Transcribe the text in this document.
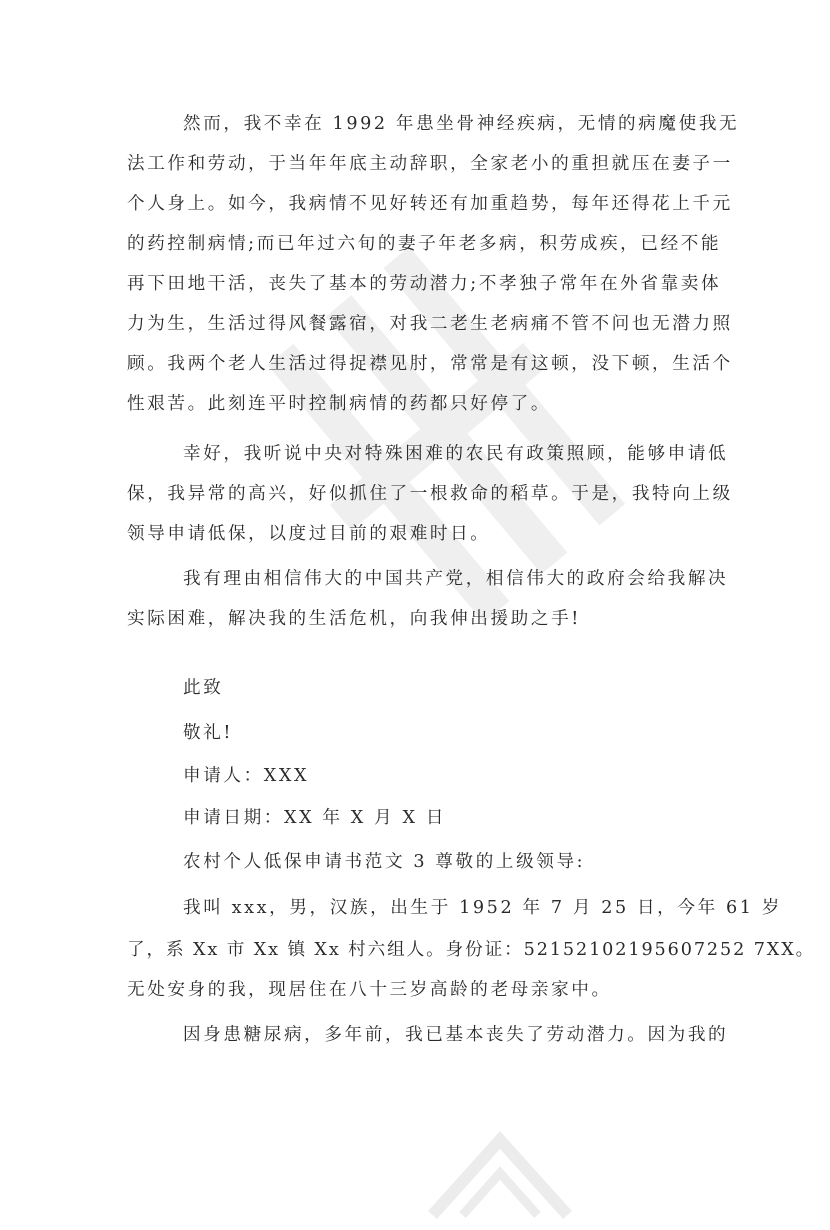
然而，我不幸在 1992 年患坐骨神经疾病，无情的病魔使我无
法工作和劳动，于当年年底主动辞职，全家老小的重担就压在妻子一
个人身上。如今，我病情不见好转还有加重趋势，每年还得花上千元
的药控制病情;而已年过六旬的妻子年老多病，积劳成疾，已经不能
再下田地干活，丧失了基本的劳动潜力;不孝独子常年在外省靠卖体
力为生，生活过得风餐露宿，对我二老生老病痛不管不问也无潜力照
顾。我两个老人生活过得捉襟见肘，常常是有这顿，没下顿，生活个
性艰苦。此刻连平时控制病情的药都只好停了。
幸好，我听说中央对特殊困难的农民有政策照顾，能够申请低
保，我异常的高兴，好似抓住了一根救命的稻草。于是，我特向上级
领导申请低保，以度过目前的艰难时日。
我有理由相信伟大的中国共产党，相信伟大的政府会给我解决
实际困难，解决我的生活危机，向我伸出援助之手!
此致
敬礼!
申请人：XXX
申请日期：XX 年 X 月 X 日
农村个人低保申请书范文 3 尊敬的上级领导:
我叫 xxx，男，汉族，出生于 1952 年 7 月 25 日，今年 61 岁
了，系 Xx 市 Xx 镇 Xx 村六组人。身份证：52152102195607252 7XX。
无处安身的我，现居住在八十三岁高龄的老母亲家中。
因身患糖尿病，多年前，我已基本丧失了劳动潜力。因为我的
